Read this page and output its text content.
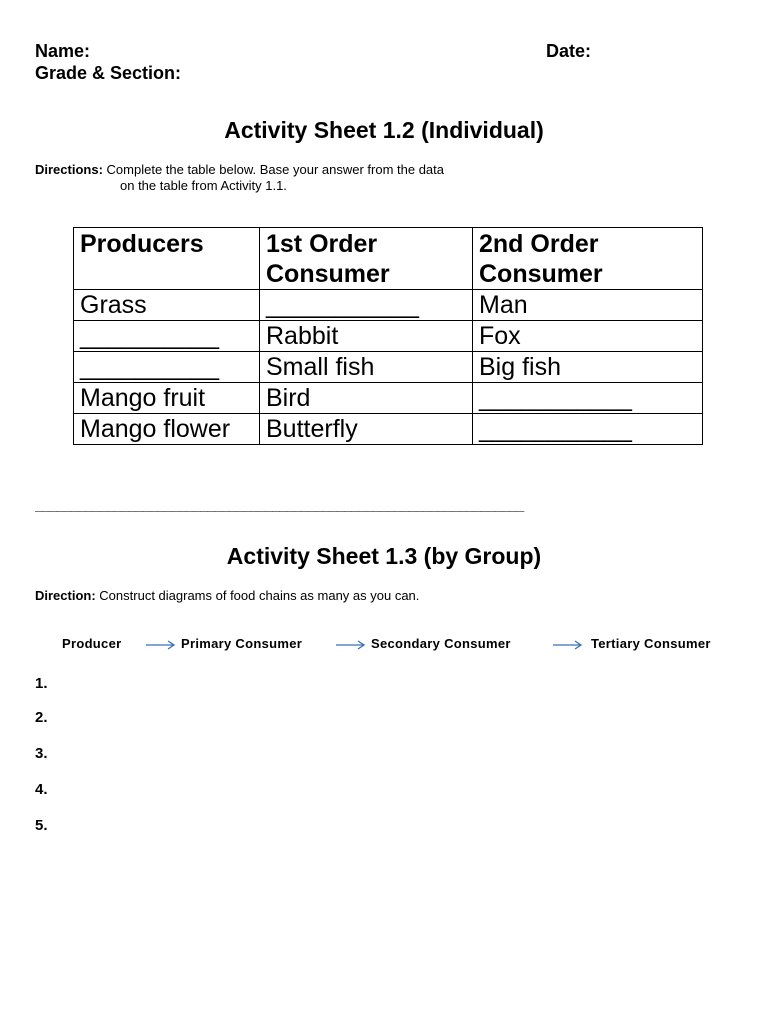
Name:	Date:
Grade & Section:
Activity Sheet 1.2 (Individual)
Directions: Complete the table below. Base your answer from the data
on the table from Activity 1.1.
Producers	1st Order Consumer	2nd Order Consumer
Grass	___________	Man
__________	Rabbit	Fox
__________	Small fish	Big fish
Mango fruit	Bird	___________
Mango flower	Butterfly	___________
____________________________________________________________________
Activity Sheet 1.3 (by Group)
Direction: Construct diagrams of food chains as many as you can.
Producer	Primary Consumer	Secondary Consumer	Tertiary Consumer
1.
2.
3.
4.
5.
